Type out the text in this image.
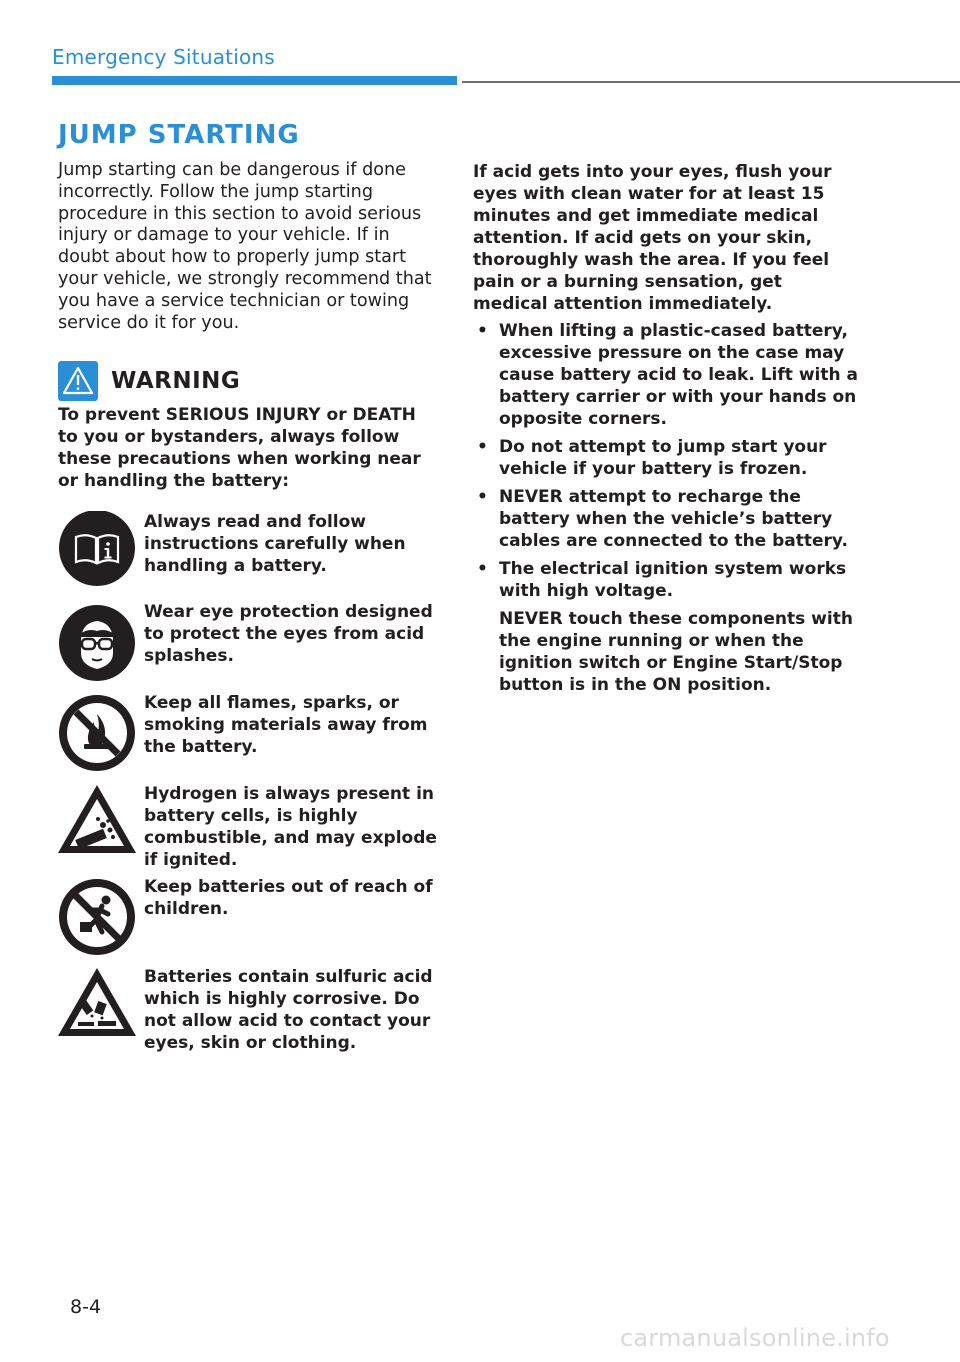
Emergency Situations
JUMP STARTING
Jump starting can be dangerous if done incorrectly. Follow the jump starting procedure in this section to avoid serious injury or damage to your vehicle. If in doubt about how to properly jump start your vehicle, we strongly recommend that you have a service technician or towing service do it for you.
WARNING
To prevent SERIOUS INJURY or DEATH to you or bystanders, always follow these precautions when working near or handling the battery:
Always read and follow instructions carefully when handling a battery.
Wear eye protection designed to protect the eyes from acid splashes.
Keep all flames, sparks, or smoking materials away from the battery.
Hydrogen is always present in battery cells, is highly combustible, and may explode if ignited.
Keep batteries out of reach of children.
Batteries contain sulfuric acid which is highly corrosive. Do not allow acid to contact your eyes, skin or clothing.
If acid gets into your eyes, flush your eyes with clean water for at least 15 minutes and get immediate medical attention. If acid gets on your skin, thoroughly wash the area. If you feel pain or a burning sensation, get medical attention immediately.
• When lifting a plastic-cased battery, excessive pressure on the case may cause battery acid to leak. Lift with a battery carrier or with your hands on opposite corners.

• Do not attempt to jump start your vehicle if your battery is frozen.

• NEVER attempt to recharge the battery when the vehicle’s battery cables are connected to the battery.

• The electrical ignition system works with high voltage.

NEVER touch these components with the engine running or when the ignition switch or Engine Start/Stop button is in the ON position.

8-4
carmanualsonline.info
